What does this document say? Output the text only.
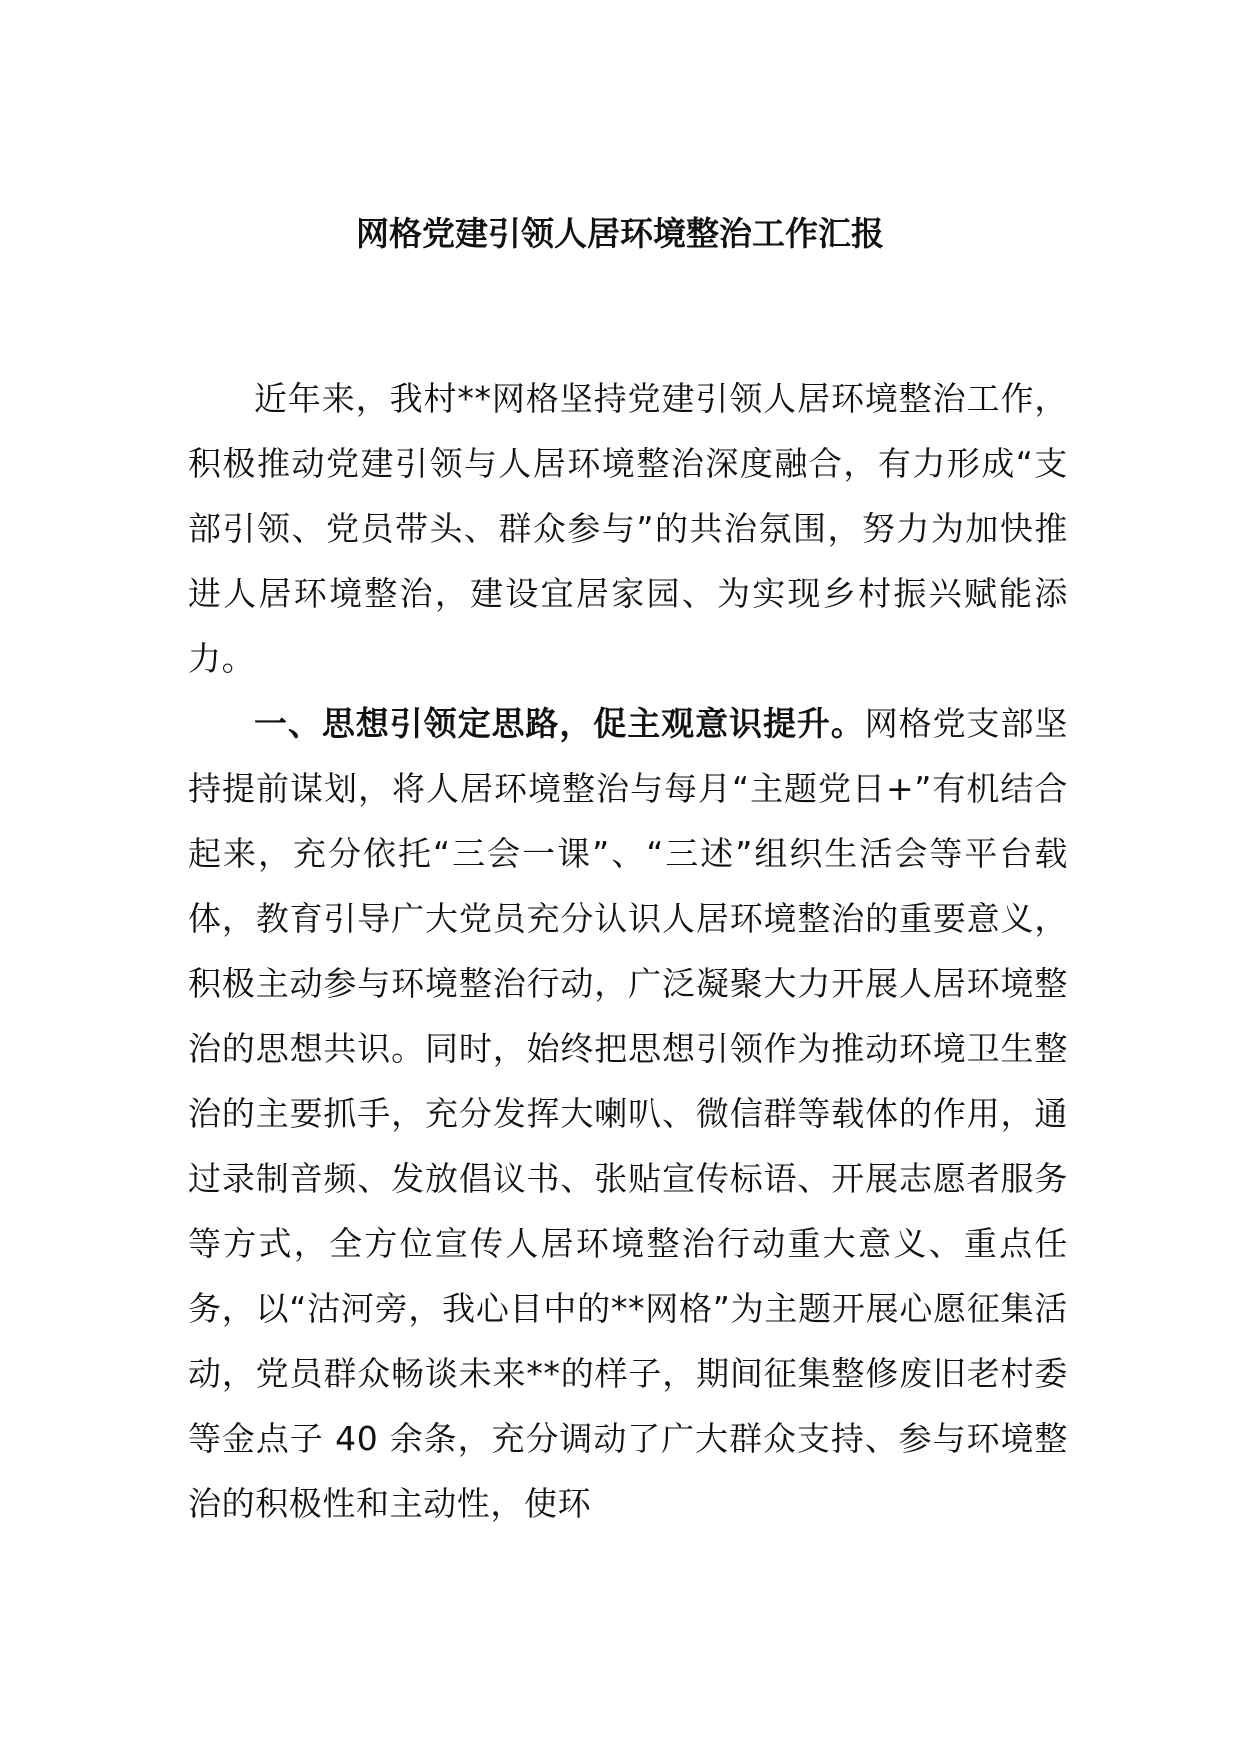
网格党建引领人居环境整治工作汇报

近年来，我村**网格坚持党建引领人居环境整治工作，积极推动党建引领与人居环境整治深度融合，有力形成“支部引领、党员带头、群众参与”的共治氛围，努力为加快推进人居环境整治，建设宜居家园、为实现乡村振兴赋能添力。

一、思想引领定思路，促主观意识提升。网格党支部坚持提前谋划，将人居环境整治与每月“主题党日+”有机结合起来，充分依托“三会一课”、“三述”组织生活会等平台载体，教育引导广大党员充分认识人居环境整治的重要意义，积极主动参与环境整治行动，广泛凝聚大力开展人居环境整治的思想共识。同时，始终把思想引领作为推动环境卫生整治的主要抓手，充分发挥大喇叭、微信群等载体的作用，通过录制音频、发放倡议书、张贴宣传标语、开展志愿者服务等方式，全方位宣传人居环境整治行动重大意义、重点任务，以“沽河旁，我心目中的**网格”为主题开展心愿征集活动，党员群众畅谈未来**的样子，期间征集整修废旧老村委等金点子 40 余条，充分调动了广大群众支持、参与环境整治的积极性和主动性，使环
